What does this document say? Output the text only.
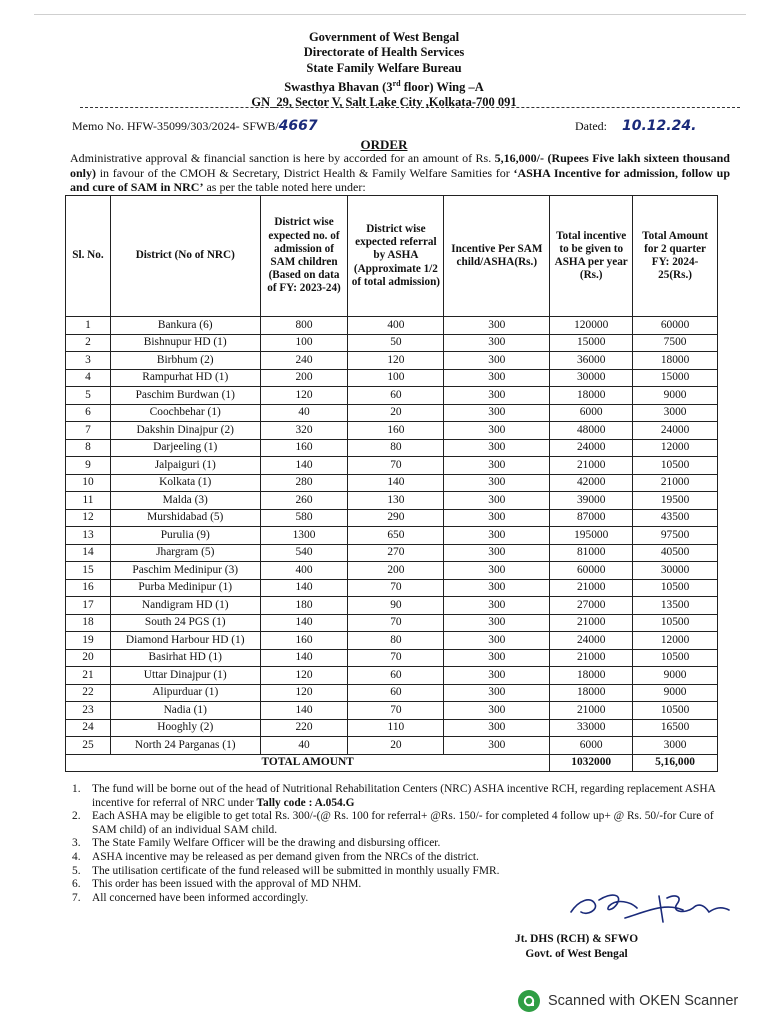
Government of West Bengal
Directorate of Health Services
State Family Welfare Bureau
Swasthya Bhavan (3rd floor) Wing –A
GN_29, Sector V, Salt Lake City ,Kolkata-700 091
Memo No. HFW-35099/303/2024- SFWB/4667	Dated: 10.12.24.
ORDER
Administrative approval & financial sanction is here by accorded for an amount of Rs. 5,16,000/- (Rupees Five lakh sixteen thousand only) in favour of the CMOH & Secretary, District Health & Family Welfare Samities for ‘ASHA Incentive for admission, follow up and cure of SAM in NRC’ as per the table noted here under:
Sl. No.	District (No of NRC)	District wise expected no. of admission of SAM children (Based on data of FY: 2023-24)	District wise expected referral by ASHA (Approximate 1/2 of total admission)	Incentive Per SAM child/ASHA(Rs.)	Total incentive to be given to ASHA per year (Rs.)	Total Amount for 2 quarter FY: 2024-25(Rs.)
1	Bankura (6)	800	400	300	120000	60000
2	Bishnupur HD (1)	100	50	300	15000	7500
3	Birbhum (2)	240	120	300	36000	18000
4	Rampurhat HD (1)	200	100	300	30000	15000
5	Paschim Burdwan (1)	120	60	300	18000	9000
6	Coochbehar (1)	40	20	300	6000	3000
7	Dakshin Dinajpur (2)	320	160	300	48000	24000
8	Darjeeling (1)	160	80	300	24000	12000
9	Jalpaiguri (1)	140	70	300	21000	10500
10	Kolkata (1)	280	140	300	42000	21000
11	Malda (3)	260	130	300	39000	19500
12	Murshidabad (5)	580	290	300	87000	43500
13	Purulia (9)	1300	650	300	195000	97500
14	Jhargram (5)	540	270	300	81000	40500
15	Paschim Medinipur (3)	400	200	300	60000	30000
16	Purba Medinipur (1)	140	70	300	21000	10500
17	Nandigram HD (1)	180	90	300	27000	13500
18	South 24 PGS (1)	140	70	300	21000	10500
19	Diamond Harbour HD (1)	160	80	300	24000	12000
20	Basirhat HD (1)	140	70	300	21000	10500
21	Uttar Dinajpur (1)	120	60	300	18000	9000
22	Alipurduar (1)	120	60	300	18000	9000
23	Nadia (1)	140	70	300	21000	10500
24	Hooghly (2)	220	110	300	33000	16500
25	North 24 Parganas (1)	40	20	300	6000	3000
TOTAL AMOUNT					1032000	5,16,000
1.	The fund will be borne out of the head of Nutritional Rehabilitation Centers (NRC) ASHA incentive RCH, regarding replacement ASHA incentive for referral of NRC under Tally code : A.054.G
2.	Each ASHA may be eligible to get total Rs. 300/-(@ Rs. 100 for referral+ @Rs. 150/- for completed 4 follow up+ @ Rs. 50/-for Cure of SAM child) of an individual SAM child.
3.	The State Family Welfare Officer will be the drawing and disbursing officer.
4.	ASHA incentive may be released as per demand given from the NRCs of the district.
5.	The utilisation certificate of the fund released will be submitted in monthly usually FMR.
6.	This order has been issued with the approval of MD NHM.
7.	All concerned have been informed accordingly.
Jt. DHS (RCH) & SFWO
Govt. of West Bengal
Scanned with OKEN Scanner
